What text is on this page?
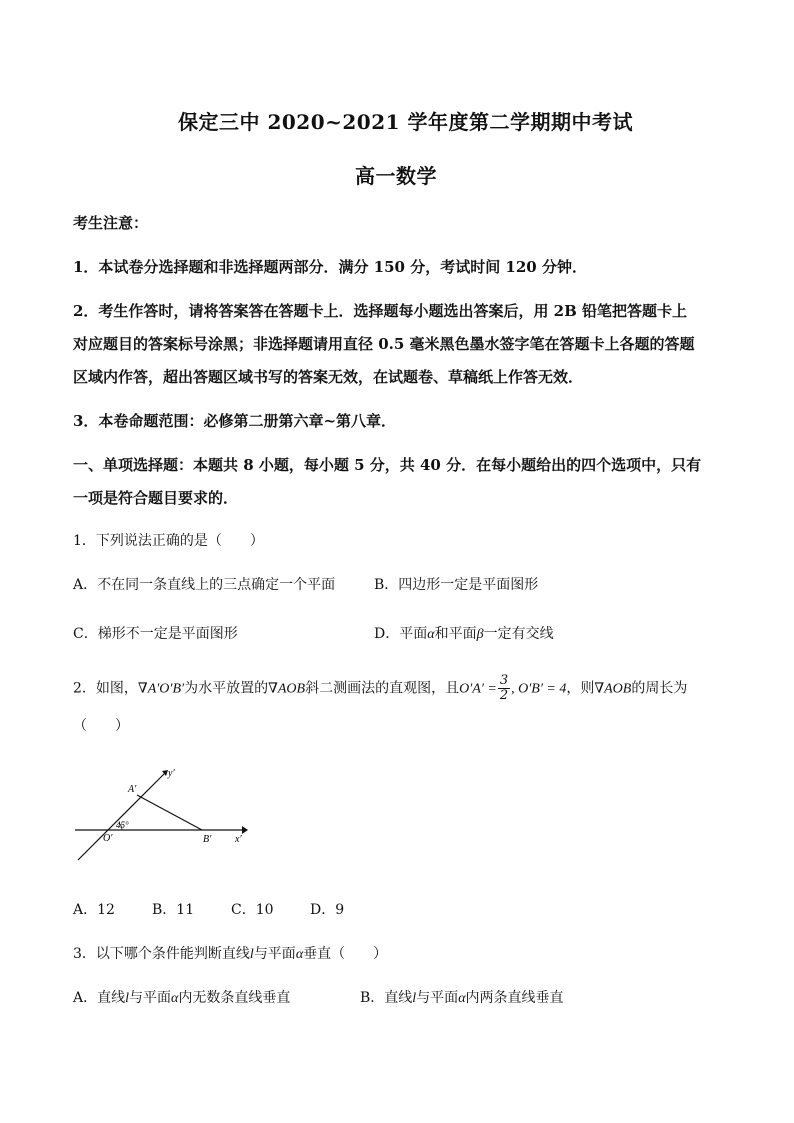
保定三中 2020~2021 学年度第二学期期中考试
高一数学
考生注意：
1．本试卷分选择题和非选择题两部分．满分 150 分，考试时间 120 分钟．
2．考生作答时，请将答案答在答题卡上．选择题每小题选出答案后，用 2B 铅笔把答题卡上
对应题目的答案标号涂黑；非选择题请用直径 0.5 毫米黑色墨水签字笔在答题卡上各题的答题
区域内作答，超出答题区域书写的答案无效，在试题卷、草稿纸上作答无效．
3．本卷命题范围：必修第二册第六章~第八章．
一、单项选择题：本题共 8 小题，每小题 5 分，共 40 分．在每小题给出的四个选项中，只有
一项是符合题目要求的．
1．下列说法正确的是（　　）
A．不在同一条直线上的三点确定一个平面	B．四边形一定是平面图形
C．梯形不一定是平面图形	D．平面α和平面β一定有交线
2．如图，∇A′O′B′为水平放置的∇AOB斜二测画法的直观图，且$O'A' = \frac{3}{2}$ , O′B′ = 4，则∇AOB的周长为
（　　）
y′
A′
45°
O′	B′ x′
A．12	B．11	C．10	D．9
3．以下哪个条件能判断直线l与平面α垂直（　　）
A．直线l与平面α内无数条直线垂直	B．直线l与平面α内两条直线垂直
